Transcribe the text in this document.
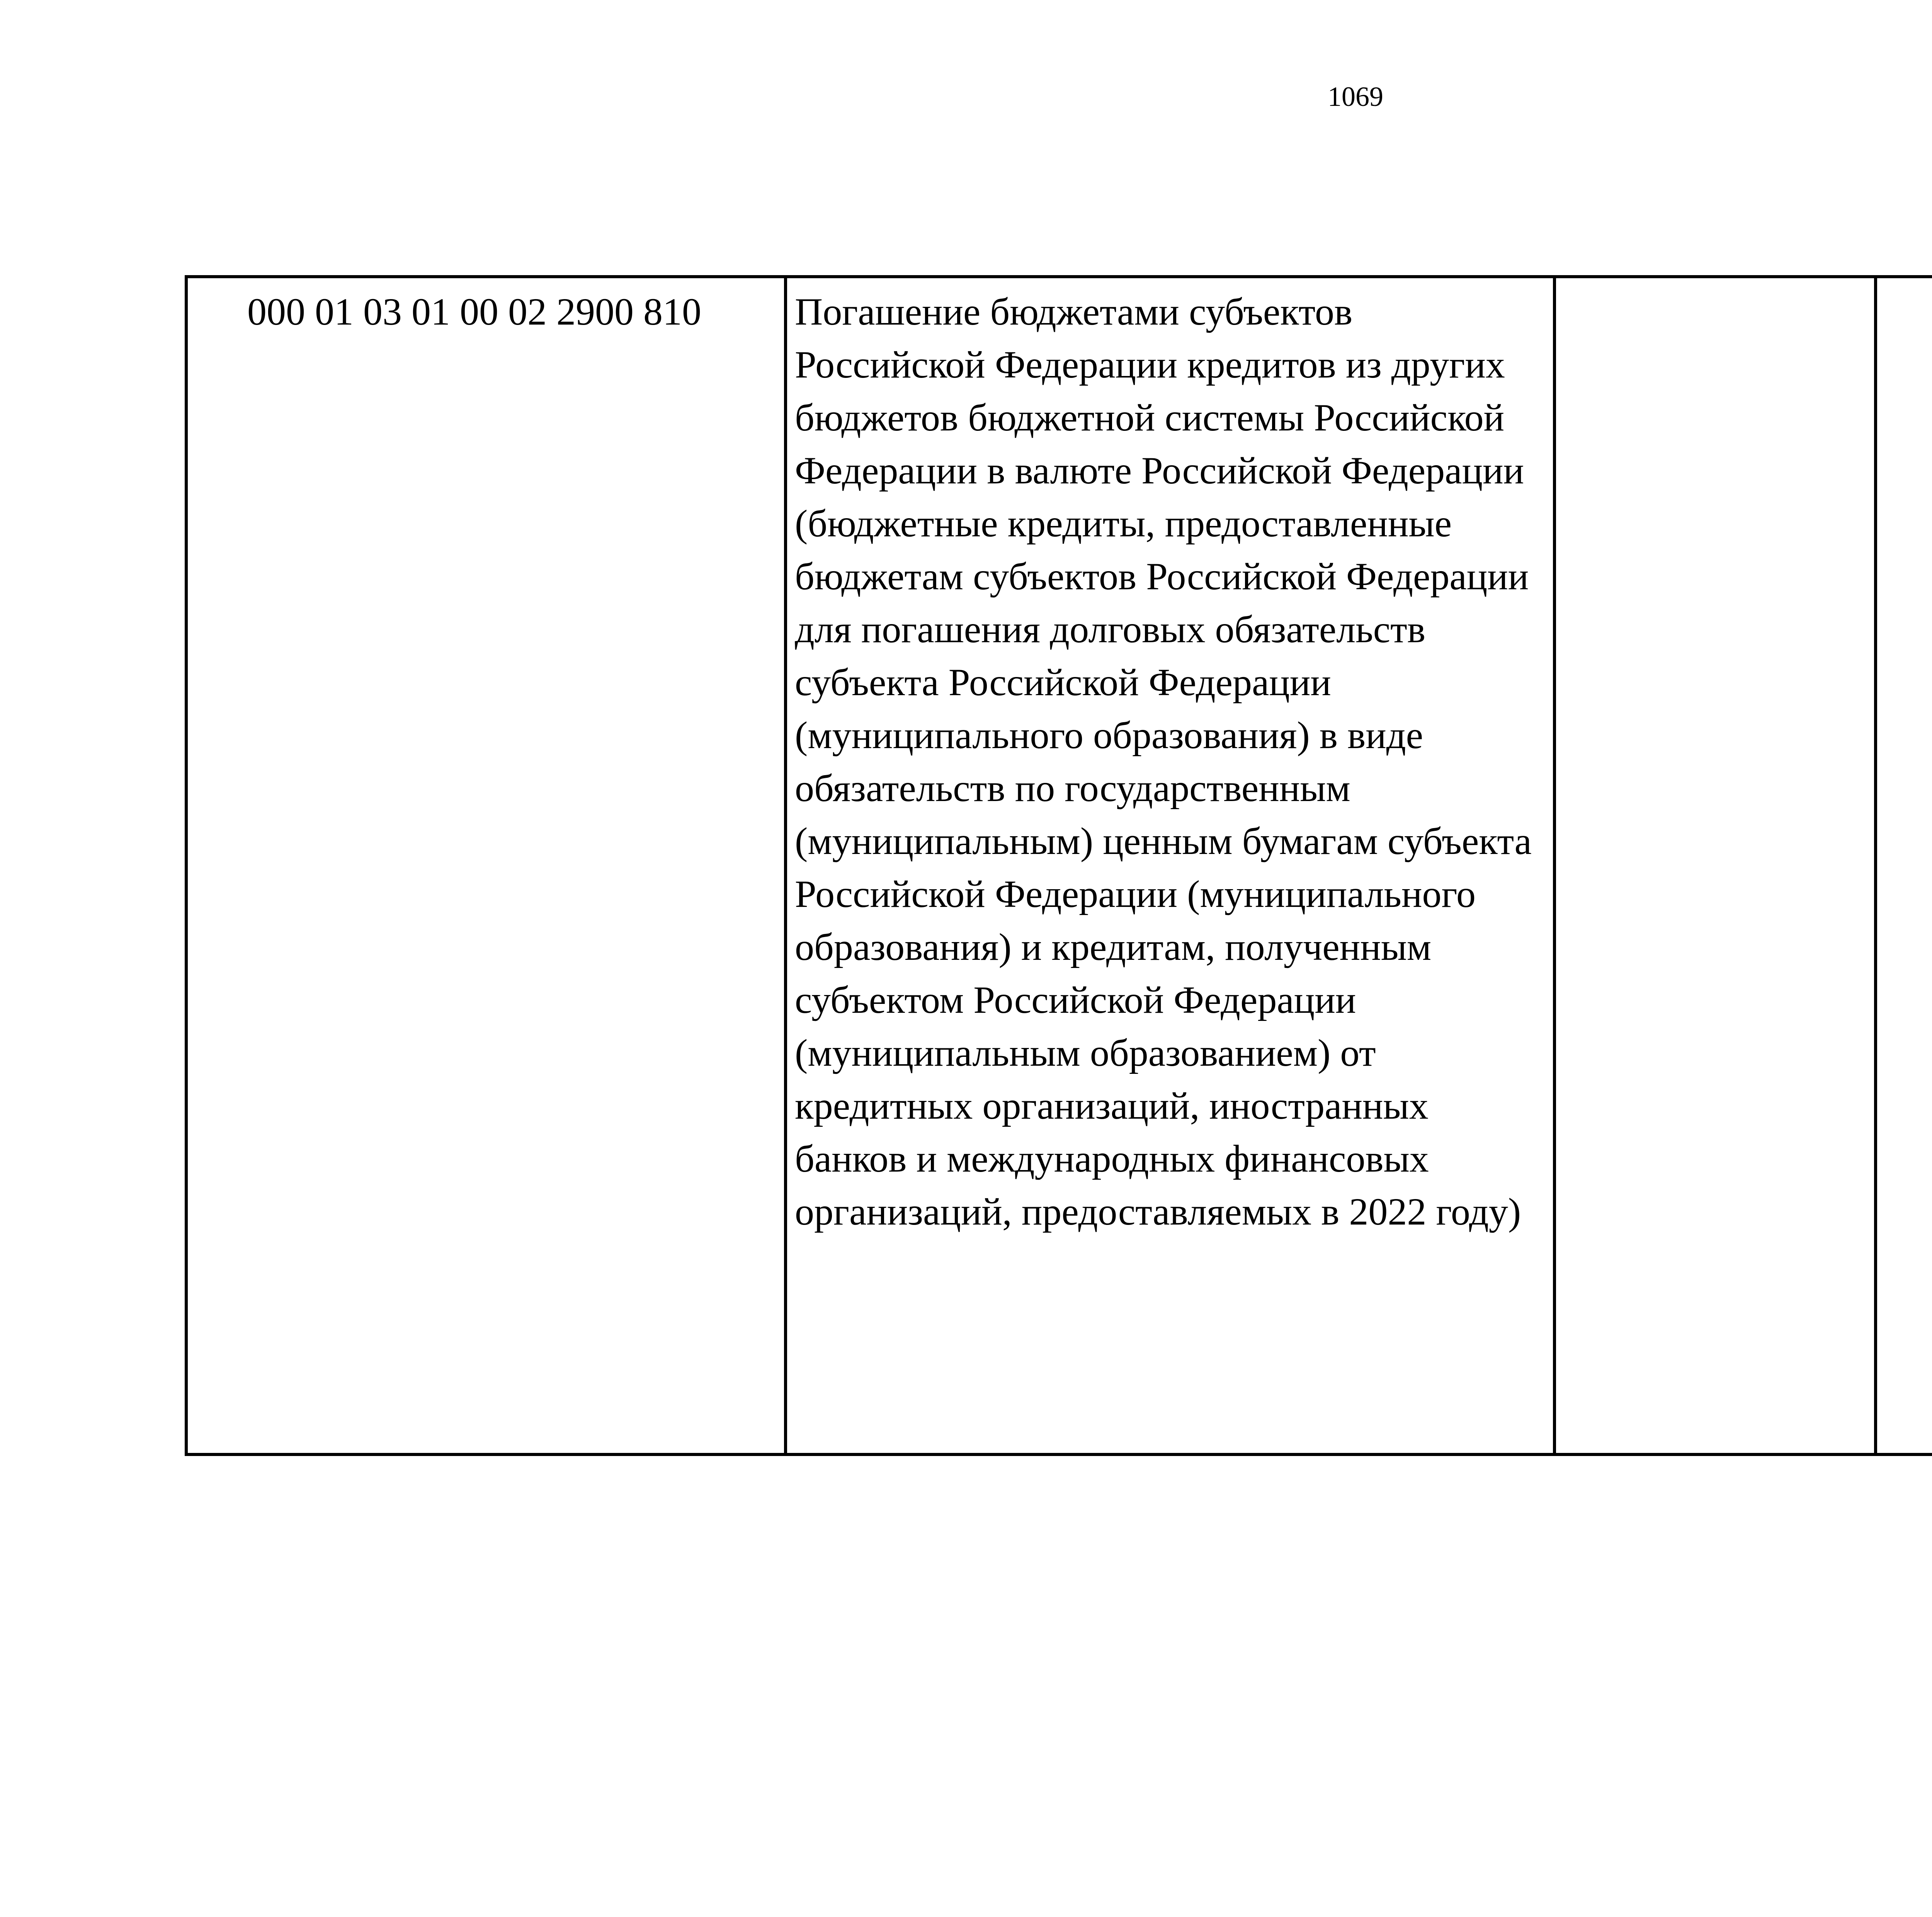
1069
000 01 03 01 00 02 2900 810	Погашение бюджетами субъектов Российской Федерации кредитов из других бюджетов бюджетной системы Российской Федерации в валюте Российской Федерации (бюджетные кредиты, предоставленные бюджетам субъектов Российской Федерации для погашения долговых обязательств субъекта Российской Федерации (муниципального образования) в виде обязательств по государственным (муниципальным) ценным бумагам субъекта Российской Федерации (муниципального образования) и кредитам, полученным субъектом Российской Федерации (муниципальным образованием) от кредитных организаций, иностранных банков и международных финансовых организаций, предоставляемых в 2022 году)
